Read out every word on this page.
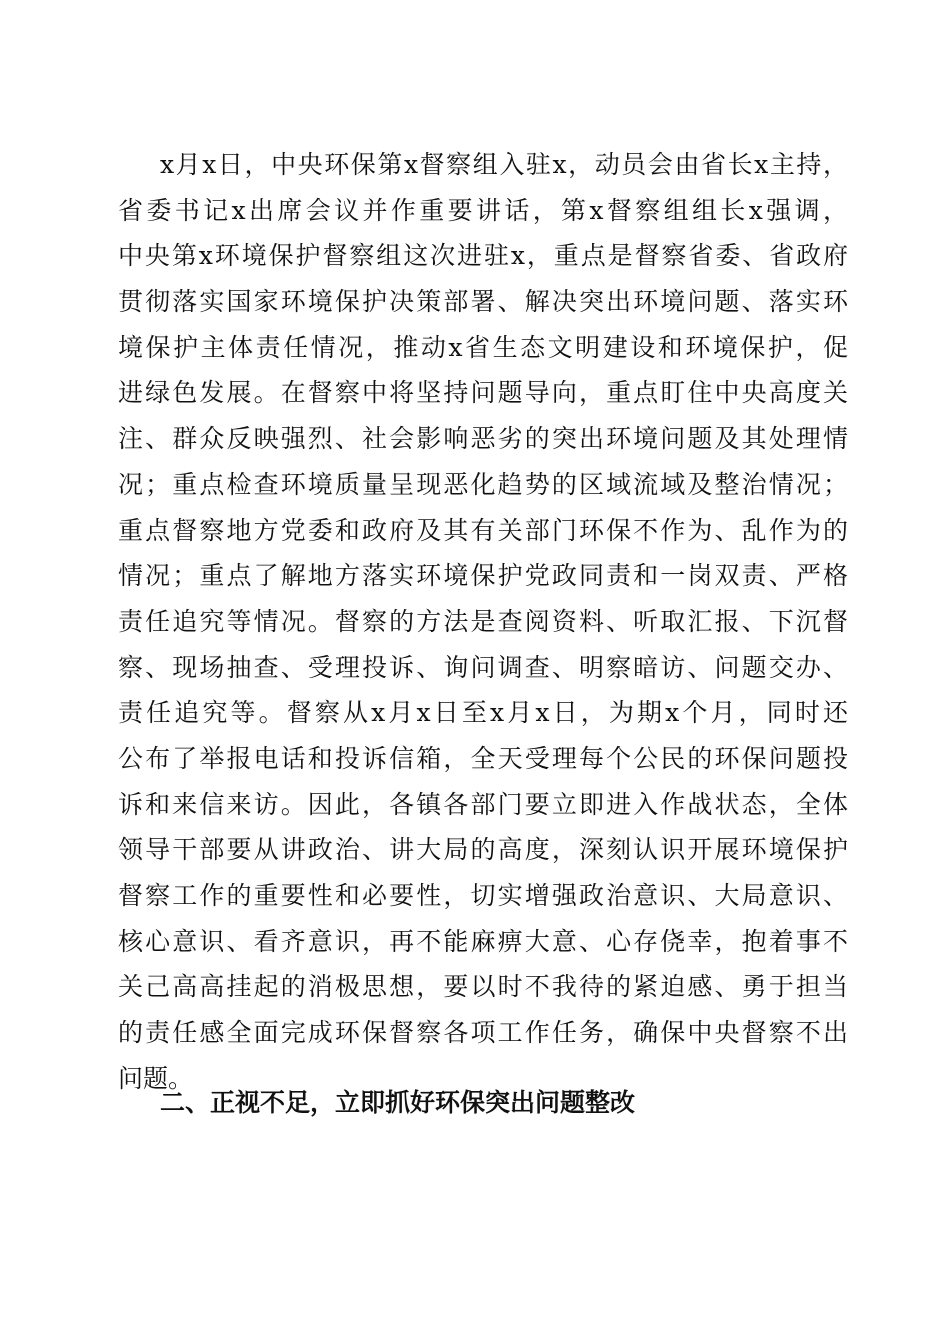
x月x日，中央环保第x督察组入驻x，动员会由省长x主持，
省委书记x出席会议并作重要讲话，第x督察组组长x强调，
中央第x环境保护督察组这次进驻x，重点是督察省委、省政府
贯彻落实国家环境保护决策部署、解决突出环境问题、落实环
境保护主体责任情况，推动x省生态文明建设和环境保护，促
进绿色发展。在督察中将坚持问题导向，重点盯住中央高度关
注、群众反映强烈、社会影响恶劣的突出环境问题及其处理情
况；重点检查环境质量呈现恶化趋势的区域流域及整治情况；
重点督察地方党委和政府及其有关部门环保不作为、乱作为的
情况；重点了解地方落实环境保护党政同责和一岗双责、严格
责任追究等情况。督察的方法是查阅资料、听取汇报、下沉督
察、现场抽查、受理投诉、询问调查、明察暗访、问题交办、
责任追究等。督察从x月x日至x月x日，为期x个月，同时还
公布了举报电话和投诉信箱，全天受理每个公民的环保问题投
诉和来信来访。因此，各镇各部门要立即进入作战状态，全体
领导干部要从讲政治、讲大局的高度，深刻认识开展环境保护
督察工作的重要性和必要性，切实增强政治意识、大局意识、
核心意识、看齐意识，再不能麻痹大意、心存侥幸，抱着事不
关己高高挂起的消极思想，要以时不我待的紧迫感、勇于担当
的责任感全面完成环保督察各项工作任务，确保中央督察不出
问题。
二、正视不足，立即抓好环保突出问题整改
